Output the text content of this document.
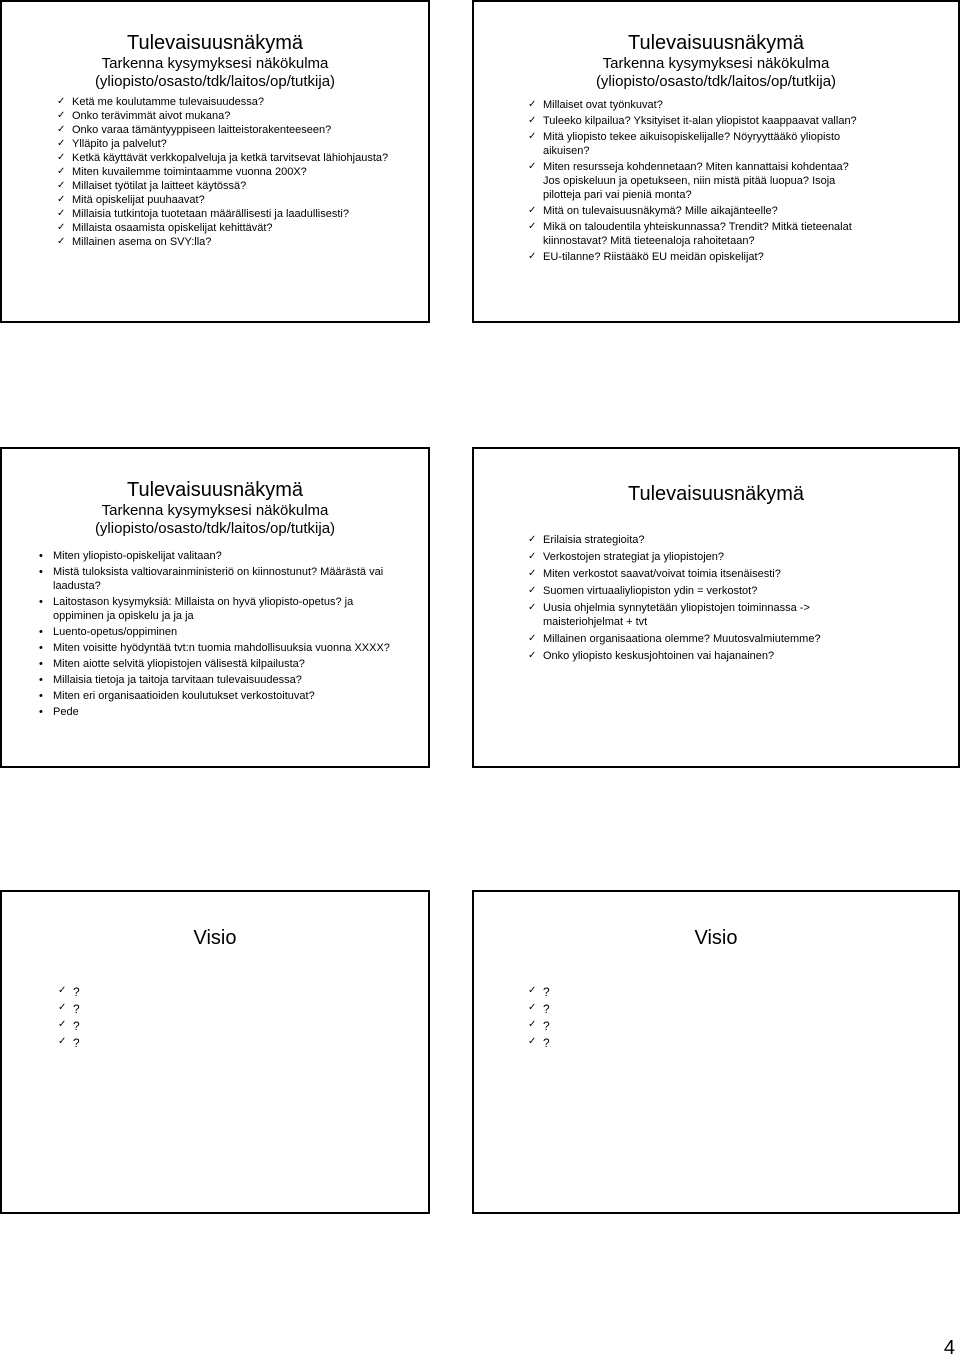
Tulevaisuusnäkymä
Tarkenna kysymyksesi näkökulma
(yliopisto/osasto/tdk/laitos/op/tutkija)
✓ Ketä me koulutamme tulevaisuudessa?
✓ Onko terävimmät aivot mukana?
✓ Onko varaa tämäntyyppiseen laitteistorakenteeseen?
✓ Ylläpito ja palvelut?
✓ Ketkä käyttävät verkkopalveluja ja ketkä tarvitsevat lähiohjausta?
✓ Miten kuvailemme toimintaamme vuonna 200X?
✓ Millaiset työtilat ja laitteet käytössä?
✓ Mitä opiskelijat puuhaavat?
✓ Millaisia tutkintoja tuotetaan määrällisesti ja laadullisesti?
✓ Millaista osaamista opiskelijat kehittävät?
✓ Millainen asema on SVY:lla?
Tulevaisuusnäkymä
Tarkenna kysymyksesi näkökulma
(yliopisto/osasto/tdk/laitos/op/tutkija)
✓ Millaiset ovat työnkuvat?
✓ Tuleeko kilpailua? Yksityiset it-alan yliopistot kaappaavat vallan?
✓ Mitä yliopisto tekee aikuisopiskelijalle? Nöyryyttääkö yliopisto aikuisen?
✓ Miten resursseja kohdennetaan? Miten kannattaisi kohdentaa? Jos opiskeluun ja opetukseen, niin mistä pitää luopua? Isoja pilotteja pari vai pieniä monta?
✓ Mitä on tulevaisuusnäkymä? Mille aikajänteelle?
✓ Mikä on taloudentila yhteiskunnassa? Trendit? Mitkä tieteenalat kiinnostavat? Mitä tieteenaloja rahoitetaan?
✓ EU-tilanne? Riistääkö EU meidän opiskelijat?
Tulevaisuusnäkymä
Tarkenna kysymyksesi näkökulma
(yliopisto/osasto/tdk/laitos/op/tutkija)
• Miten yliopisto-opiskelijat valitaan?
• Mistä tuloksista valtiovarainministeriö on kiinnostunut? Määrästä vai laadusta?
• Laitostason kysymyksiä: Millaista on hyvä yliopisto-opetus? ja oppiminen ja opiskelu ja ja ja
• Luento-opetus/oppiminen
• Miten voisitte hyödyntää tvt:n tuomia mahdollisuuksia vuonna XXXX?
• Miten aiotte selvitä yliopistojen välisestä kilpailusta?
• Millaisia tietoja ja taitoja tarvitaan tulevaisuudessa?
• Miten eri organisaatioiden koulutukset verkostoituvat?
• Pede
Tulevaisuusnäkymä
✓ Erilaisia strategioita?
✓ Verkostojen strategiat ja yliopistojen?
✓ Miten verkostot saavat/voivat toimia itsenäisesti?
✓ Suomen virtuaaliyliopiston ydin = verkostot?
✓ Uusia ohjelmia synnytetään yliopistojen toiminnassa -> maisteriohjelmat + tvt
✓ Millainen organisaationa olemme? Muutosvalmiutemme?
✓ Onko yliopisto keskusjohtoinen vai hajanainen?
Visio
✓ ?
✓ ?
✓ ?
✓ ?
Visio
✓ ?
✓ ?
✓ ?
✓ ?
4
